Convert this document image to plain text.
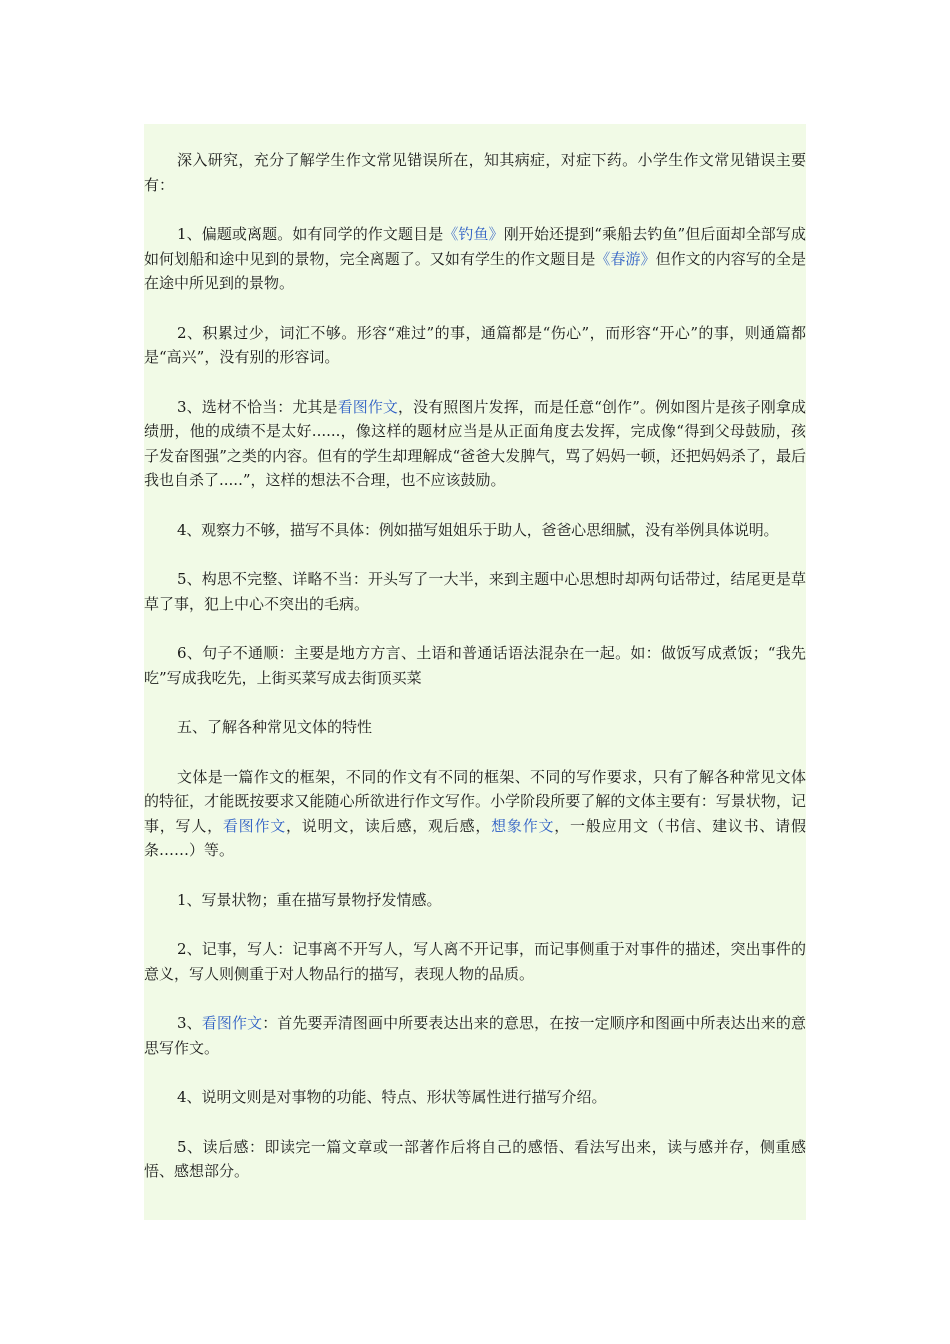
深入研究，充分了解学生作文常见错误所在，知其病症，对症下药。小学生作文常见错误主要有：

1、偏题或离题。如有同学的作文题目是《钓鱼》刚开始还提到“乘船去钓鱼”但后面却全部写成如何划船和途中见到的景物，完全离题了。又如有学生的作文题目是《春游》但作文的内容写的全是在途中所见到的景物。

2、积累过少，词汇不够。形容“难过”的事，通篇都是“伤心”，而形容“开心”的事，则通篇都是“高兴”，没有别的形容词。

3、选材不恰当：尤其是看图作文，没有照图片发挥，而是任意“创作”。例如图片是孩子刚拿成绩册，他的成绩不是太好......，像这样的题材应当是从正面角度去发挥，完成像“得到父母鼓励，孩子发奋图强”之类的内容。但有的学生却理解成“爸爸大发脾气，骂了妈妈一顿，还把妈妈杀了，最后我也自杀了.....”，这样的想法不合理，也不应该鼓励。

4、观察力不够，描写不具体：例如描写姐姐乐于助人，爸爸心思细腻，没有举例具体说明。

5、构思不完整、详略不当：开头写了一大半，来到主题中心思想时却两句话带过，结尾更是草草了事，犯上中心不突出的毛病。

6、句子不通顺：主要是地方方言、土语和普通话语法混杂在一起。如：做饭写成煮饭；“我先吃”写成我吃先，上街买菜写成去街顶买菜

五、了解各种常见文体的特性

文体是一篇作文的框架，不同的作文有不同的框架、不同的写作要求，只有了解各种常见文体的特征，才能既按要求又能随心所欲进行作文写作。小学阶段所要了解的文体主要有：写景状物，记事，写人，看图作文，说明文，读后感，观后感，想象作文，一般应用文（书信、建议书、请假条……）等。

1、写景状物；重在描写景物抒发情感。

2、记事，写人：记事离不开写人，写人离不开记事，而记事侧重于对事件的描述，突出事件的意义，写人则侧重于对人物品行的描写，表现人物的品质。

3、看图作文：首先要弄清图画中所要表达出来的意思，在按一定顺序和图画中所表达出来的意思写作文。

4、说明文则是对事物的功能、特点、形状等属性进行描写介绍。

5、读后感：即读完一篇文章或一部著作后将自己的感悟、看法写出来，读与感并存，侧重感悟、感想部分。
